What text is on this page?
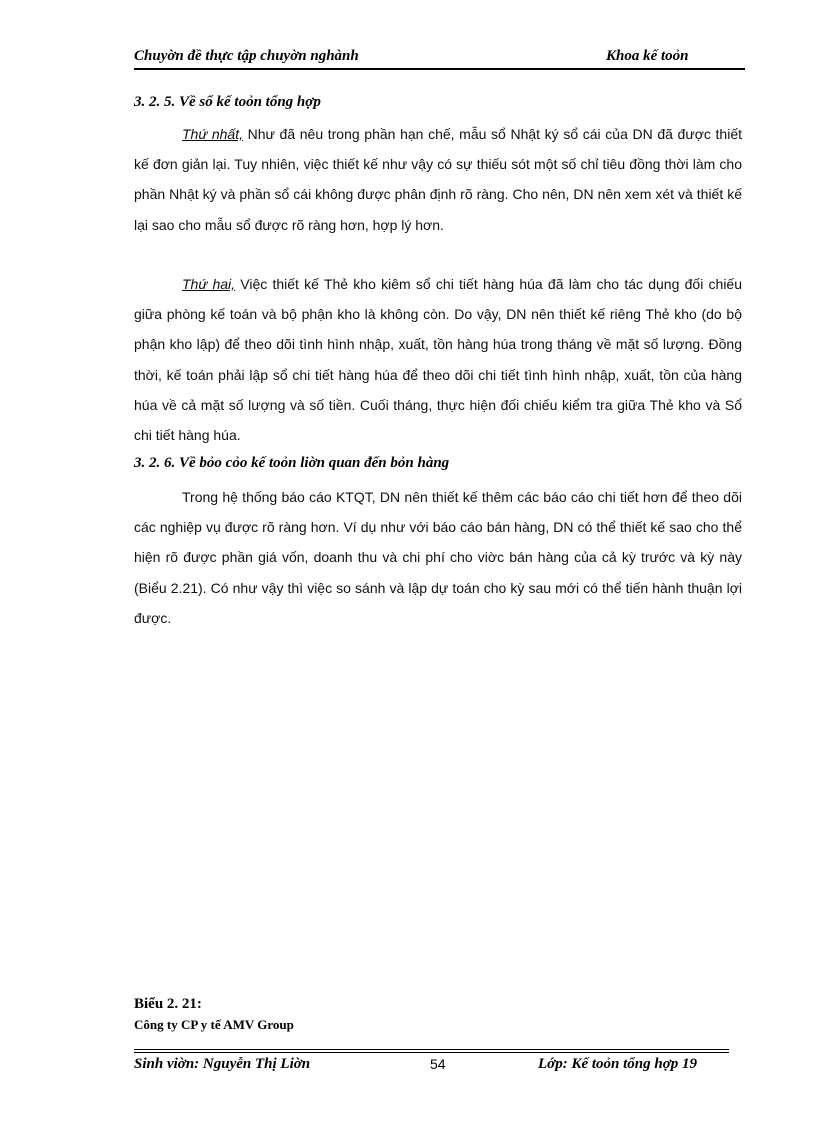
Chuyờn đề thực tập chuyờn nghành	Khoa kế toỏn
3. 2. 5. Về sổ kế toỏn tổng hợp
Thứ nhất, Như đã nêu trong phần hạn chế, mẫu sổ Nhật ký sổ cái của DN đã được thiết kế đơn giản lại. Tuy nhiên, việc thiết kế như vậy có sự thiếu sót một số chỉ tiêu đồng thời làm cho phần Nhật ký và phần sổ cái không được phân định rõ ràng. Cho nên, DN nên xem xét và thiết kế lại sao cho mẫu sổ được rõ ràng hơn, hợp lý hơn.
Thứ hai, Việc thiết kế Thẻ kho kiêm sổ chi tiết hàng húa đã làm cho tác dụng đối chiếu giữa phòng kế toán và bộ phận kho là không còn. Do vậy, DN nên thiết kế riêng Thẻ kho (do bộ phận kho lập) để theo dõi tình hình nhập, xuất, tồn hàng húa trong tháng về mặt số lượng. Đồng thời, kế toán phải lập sổ chi tiết hàng húa để theo dõi chi tiết tình hình nhập, xuất, tồn của hàng húa về cả mặt số lượng và số tiền. Cuối tháng, thực hiện đối chiếu kiểm tra giữa Thẻ kho và Sổ chi tiết hàng húa.
3. 2. 6. Về bỏo cỏo kế toỏn liờn quan đến bỏn hàng
Trong hệ thống báo cáo KTQT, DN nên thiết kế thêm các báo cáo chi tiết hơn để theo dõi các nghiệp vụ được rõ ràng hơn. Ví dụ như với báo cáo bán hàng, DN có thể thiết kế sao cho thể hiện rõ được phần giá vốn, doanh thu và chi phí cho viờc bán hàng của cả kỳ trước và kỳ này (Biểu 2.21). Có như vậy thì việc so sánh và lập dự toán cho kỳ sau mới có thể tiến hành thuận lợi được.
Biểu 2. 21:
Công ty CP y tế AMV Group
Sinh viờn: Nguyễn Thị Liờn	54	Lớp: Kế toỏn tổng hợp 19
